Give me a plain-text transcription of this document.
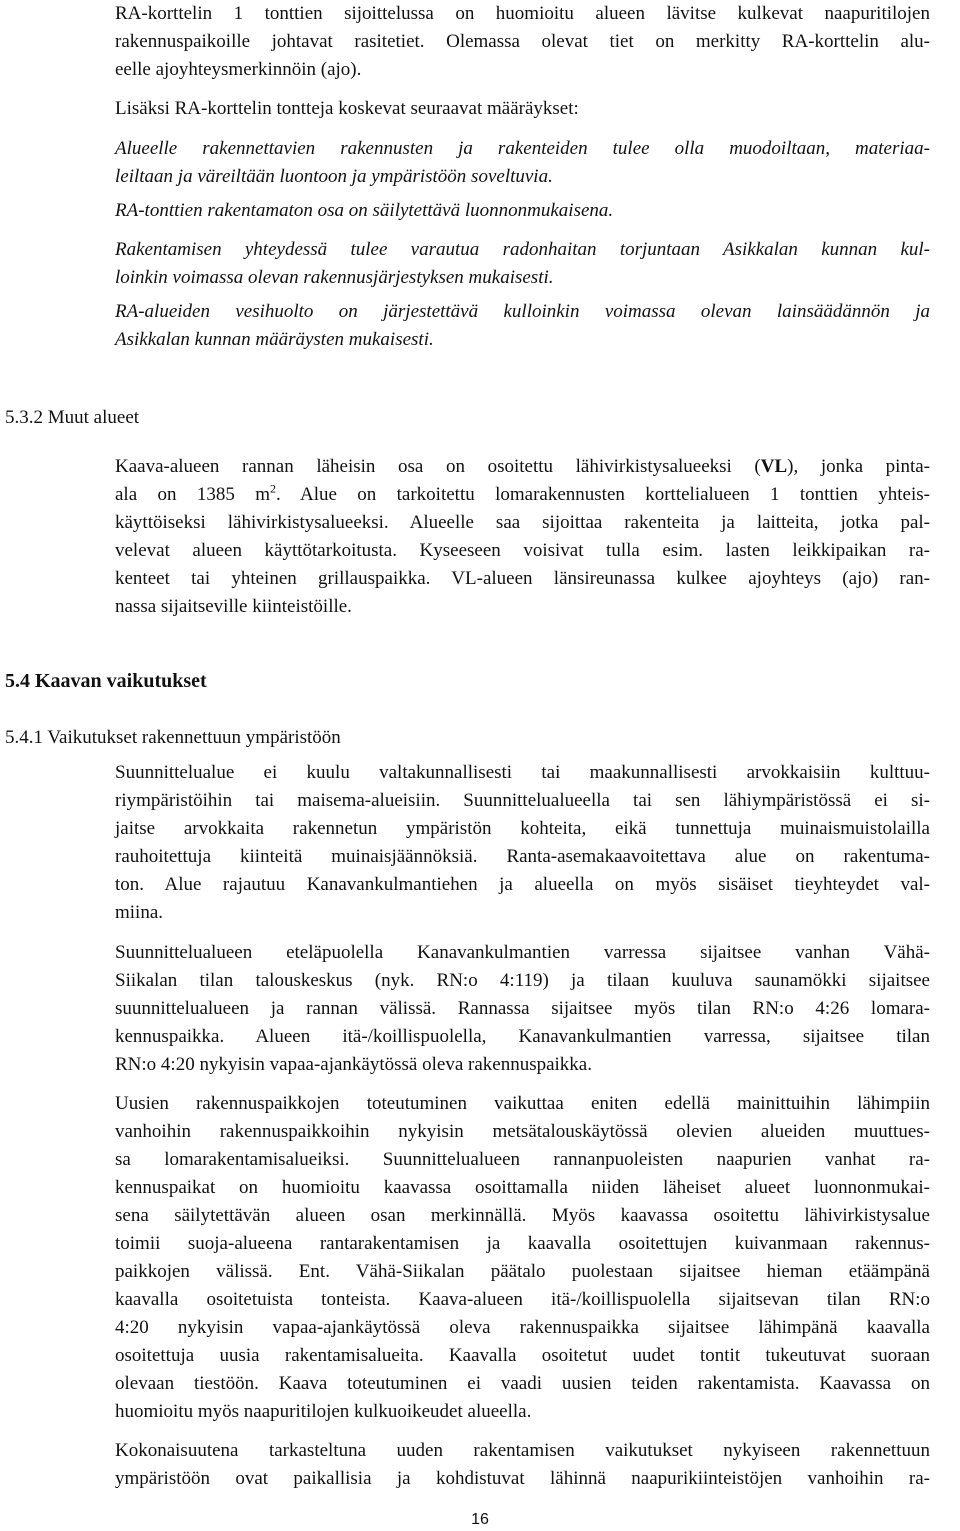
RA-korttelin 1 tonttien sijoittelussa on huomioitu alueen lävitse kulkevat naapuritilojen
rakennuspaikoille johtavat rasitetiet. Olemassa olevat tiet on merkitty RA-korttelin alu-
eelle ajoyhteysmerkinnöin (ajo).
Lisäksi RA-korttelin tontteja koskevat seuraavat määräykset:
Alueelle rakennettavien rakennusten ja rakenteiden tulee olla muodoiltaan, materiaa-
leiltaan ja väreiltään luontoon ja ympäristöön soveltuvia.
RA-tonttien rakentamaton osa on säilytettävä luonnonmukaisena.
Rakentamisen yhteydessä tulee varautua radonhaitan torjuntaan Asikkalan kunnan kul-
loinkin voimassa olevan rakennusjärjestyksen mukaisesti.
RA-alueiden vesihuolto on järjestettävä kulloinkin voimassa olevan lainsäädännön ja
Asikkalan kunnan määräysten mukaisesti.
5.3.2 Muut alueet
Kaava-alueen rannan läheisin osa on osoitettu lähivirkistysalueeksi (VL), jonka pinta-
ala on 1385 $m^2$. Alue on tarkoitettu lomarakennusten korttelialueen 1 tonttien yhteis-
käyttöiseksi lähivirkistysalueeksi. Alueelle saa sijoittaa rakenteita ja laitteita, jotka pal-
velevat alueen käyttötarkoitusta. Kyseeseen voisivat tulla esim. lasten leikkipaikan ra-
kenteet tai yhteinen grillauspaikka. VL-alueen länsireunassa kulkee ajoyhteys (ajo) ran-
nassa sijaitseville kiinteistöille.
5.4 Kaavan vaikutukset
5.4.1 Vaikutukset rakennettuun ympäristöön
Suunnittelualue ei kuulu valtakunnallisesti tai maakunnallisesti arvokkaisiin kulttuu-
riympäristöihin tai maisema-alueisiin. Suunnittelualueella tai sen lähiympäristössä ei si-
jaitse arvokkaita rakennetun ympäristön kohteita, eikä tunnettuja muinaismuistolailla
rauhoitettuja kiinteitä muinaisjäännöksiä. Ranta-asemakaavoitettava alue on rakentuma-
ton. Alue rajautuu Kanavankulmantiehen ja alueella on myös sisäiset tieyhteydet val-
miina.
Suunnittelualueen eteläpuolella Kanavankulmantien varressa sijaitsee vanhan Vähä-
Siikalan tilan talouskeskus (nyk. RN:o 4:119) ja tilaan kuuluva saunamökki sijaitsee
suunnittelualueen ja rannan välissä. Rannassa sijaitsee myös tilan RN:o 4:26 lomara-
kennuspaikka. Alueen itä-/koillispuolella, Kanavankulmantien varressa, sijaitsee tilan
RN:o 4:20 nykyisin vapaa-ajankäytössä oleva rakennuspaikka.
Uusien rakennuspaikkojen toteutuminen vaikuttaa eniten edellä mainittuihin lähimpiin
vanhoihin rakennuspaikkoihin nykyisin metsätalouskäytössä olevien alueiden muuttues-
sa lomarakentamisalueiksi. Suunnittelualueen rannanpuoleisten naapurien vanhat ra-
kennuspaikat on huomioitu kaavassa osoittamalla niiden läheiset alueet luonnonmukai-
sena säilytettävän alueen osan merkinnällä. Myös kaavassa osoitettu lähivirkistysalue
toimii suoja-alueena rantarakentamisen ja kaavalla osoitettujen kuivanmaan rakennus-
paikkojen välissä. Ent. Vähä-Siikalan päätalo puolestaan sijaitsee hieman etäämpänä
kaavalla osoitetuista tonteista. Kaava-alueen itä-/koillispuolella sijaitsevan tilan RN:o
4:20 nykyisin vapaa-ajankäytössä oleva rakennuspaikka sijaitsee lähimpänä kaavalla
osoitettuja uusia rakentamisalueita. Kaavalla osoitetut uudet tontit tukeutuvat suoraan
olevaan tiestöön. Kaava toteutuminen ei vaadi uusien teiden rakentamista. Kaavassa on
huomioitu myös naapuritilojen kulkuoikeudet alueella.
Kokonaisuutena tarkasteltuna uuden rakentamisen vaikutukset nykyiseen rakennettuun
ympäristöön ovat paikallisia ja kohdistuvat lähinnä naapurikiinteistöjen vanhoihin ra-
16
